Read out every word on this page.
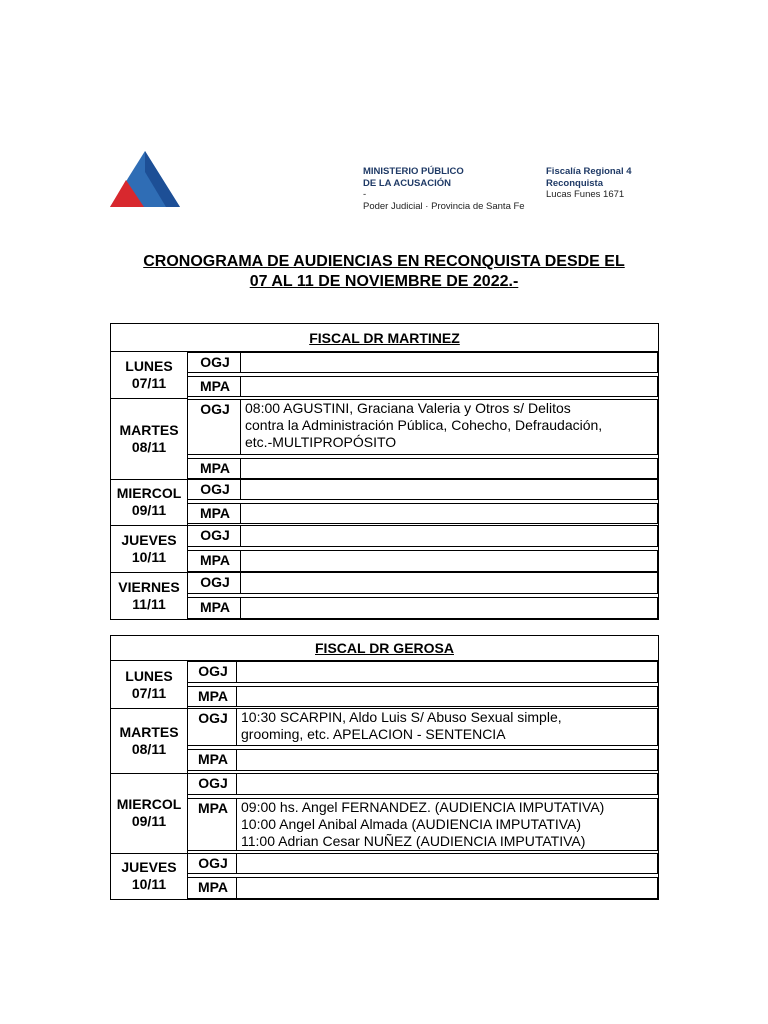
MINISTERIO PÚBLICO
DE LA ACUSACIÓN
-
Poder Judicial · Provincia de Santa Fe
Fiscalía Regional 4
Reconquista
Lucas Funes 1671
CRONOGRAMA DE AUDIENCIAS EN RECONQUISTA DESDE EL
07 AL 11 DE NOVIEMBRE DE 2022.-
FISCAL DR MARTINEZ
LUNES
07/11
OGJ
MPA
MARTES
08/11
OGJ	08:00 AGUSTINI, Graciana Valeria y Otros s/ Delitos
contra la Administración Pública, Cohecho, Defraudación,
etc.-MULTIPROPÓSITO
MPA
MIERCOL
09/11
OGJ
MPA
JUEVES
10/11
OGJ
MPA
VIERNES
11/11
OGJ
MPA
FISCAL DR GEROSA
LUNES
07/11
OGJ
MPA
MARTES
08/11
OGJ 10:30 SCARPIN, Aldo Luis S/ Abuso Sexual simple,
grooming, etc. APELACION - SENTENCIA
MPA
MIERCOL
09/11
OGJ
MPA 09:00 hs. Angel FERNANDEZ. (AUDIENCIA IMPUTATIVA)
10:00 Angel Anibal Almada (AUDIENCIA IMPUTATIVA)
11:00 Adrian Cesar NUÑEZ (AUDIENCIA IMPUTATIVA)
JUEVES
10/11
OGJ
MPA
